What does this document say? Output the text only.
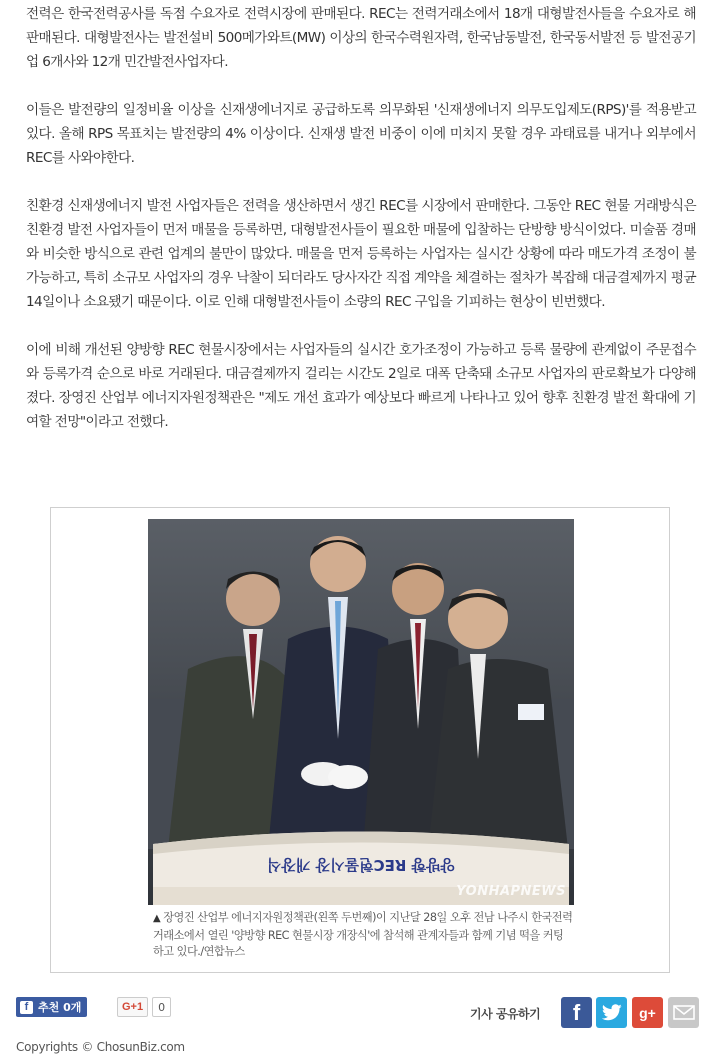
전력은 한국전력공사를 독점 수요자로 전력시장에 판매된다. REC는 전력거래소에서 18개 대형발전사들을 수요자로 해 판매된다. 대형발전사는 발전설비 500메가와트(MW) 이상의 한국수력원자력, 한국남동발전, 한국동서발전 등 발전공기업 6개사와 12개 민간발전사업자다.

이들은 발전량의 일정비율 이상을 신재생에너지로 공급하도록 의무화된 '신재생에너지 의무도입제도(RPS)'를 적용받고 있다. 올해 RPS 목표치는 발전량의 4% 이상이다. 신재생 발전 비중이 이에 미치지 못할 경우 과태료를 내거나 외부에서 REC를 사와야한다.

친환경 신재생에너지 발전 사업자들은 전력을 생산하면서 생긴 REC를 시장에서 판매한다. 그동안 REC 현물 거래방식은 친환경 발전 사업자들이 먼저 매물을 등록하면, 대형발전사들이 필요한 매물에 입찰하는 단방향 방식이었다. 미술품 경매와 비슷한 방식으로 관련 업계의 불만이 많았다. 매물을 먼저 등록하는 사업자는 실시간 상황에 따라 매도가격 조정이 불가능하고, 특히 소규모 사업자의 경우 낙찰이 되더라도 당사자간 직접 계약을 체결하는 절차가 복잡해 대금결제까지 평균 14일이나 소요됐기 때문이다. 이로 인해 대형발전사들이 소량의 REC 구입을 기피하는 현상이 빈번했다.

이에 비해 개선된 양방향 REC 현물시장에서는 사업자들의 실시간 호가조정이 가능하고 등록 물량에 관계없이 주문접수와 등록가격 순으로 바로 거래된다. 대금결제까지 걸리는 시간도 2일로 대폭 단축돼 소규모 사업자의 판로확보가 다양해졌다. 장영진 산업부 에너지자원정책관은 "제도 개선 효과가 예상보다 빠르게 나타나고 있어 향후 친환경 발전 확대에 기여할 전망"이라고 전했다.

양방향 REC현물시장 개장식
YONHAPNEWS
▲ 장영진 산업부 에너지자원정책관(왼쪽 두번째)이 지난달 28일 오후 전남 나주시 한국전력거래소에서 열린 '양방향 REC 현물시장 개장식'에 참석해 관계자들과 함께 기념 떡을 커팅하고 있다./연합뉴스
f 추천 0개	G+1	0	기사 공유하기	f	g+
Copyrights © ChosunBiz.com
